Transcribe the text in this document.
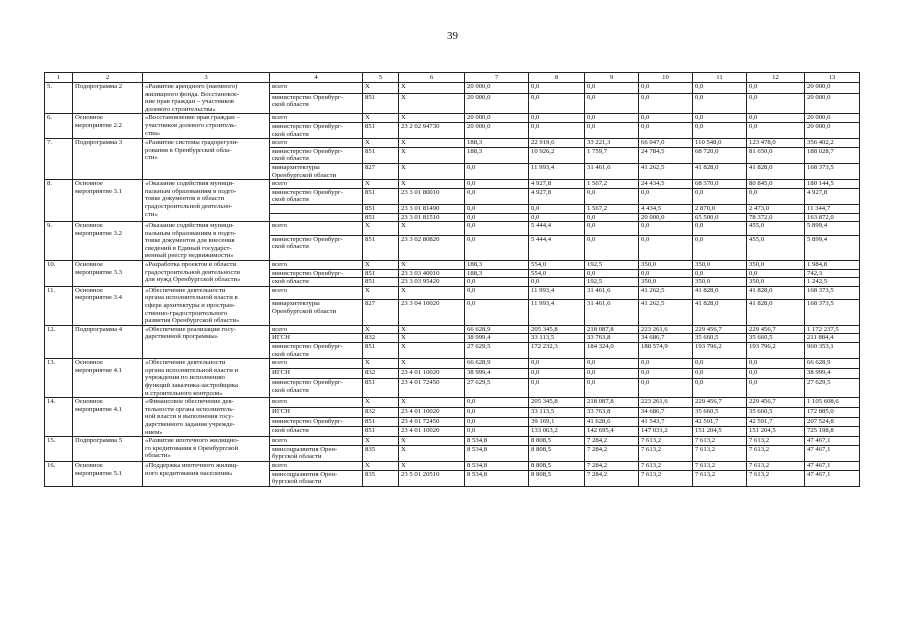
39
1	2	3	4	5	6	7	8	9	10	11	12	13
5.	Подпрограмма 2	«Развитие арендного (наемного)
жилищного фонда. Восстановле-
ние прав граждан – участников
долевого строительства»	всего	X	X	20 000,0	0,0	0,0	0,0	0,0	0,0	20 000,0
			министерство Оренбург-
ской области	851	X	20 000,0	0,0	0,0	0,0	0,0	0,0	20 000,0
6.	Основное
мероприятие 2.2	«Восстановление прав граждан –
участников долевого строитель-
ства»	всего	X	X	20 000,0	0,0	0,0	0,0	0,0	0,0	20 000,0
			министерство Оренбург-
ской области	851	23 2 02 94730	20 000,0	0,0	0,0	0,0	0,0	0,0	20 000,0
7.	Подпрограмма 3	«Развитие системы градорегули-
рования в Оренбургской обла-
сти»	всего	X	X	188,3	22 919,6	33 221,3	66 047,0	110 548,0	123 478,0	356 402,2
			министерство Оренбург-
ской области	851	X	188,3	10 926,2	1 759,7	24 784,5	68 720,0	81 650,0	188 028,7
			минархитектуры
Оренбургской области	827	X	0,0	11 993,4	31 461,6	41 262,5	41 828,0	41 828,0	168 373,5
8.	Основное
мероприятие 3.1	«Оказание содействия муници-
пальным образованиям в подго-
товке документов в области
градостроительной деятельно-
сти»	всего	X	X	0,0	4 927,8	1 567,2	24 434,5	68 370,0	80 845,0	180 144,5
			министерство Оренбург-
ской области	851	23 3 01 80010	0,0	4 927,8	0,0	0,0	0,0	0,0	4 927,8
				851	23 3 01 81490	0,0	0,0	1 567,2	4 434,5	2 870,0	2 473,0	11 344,7
				851	23 3 01 81510	0,0	0,0	0,0	20 000,0	65 500,0	78 372,0	163 872,0
9.	Основное
мероприятие 3.2	«Оказание содействия муници-
пальным образованиям в подго-
товке документов для внесения
сведений в Единый государст-
венный реестр недвижимости»	всего	X	X	0,0	5 444,4	0,0	0,0	0,0	455,0	5 899,4
			министерство Оренбург-
ской области	851	23 3 02 80820	0,0	5 444,4	0,0	0,0	0,0	455,0	5 899,4
10.	Основное
мероприятие 3.3	«Разработка проектов в области
градостроительной деятельности
для нужд Оренбургской области»	всего	X	X	188,3	554,0	192,5	350,0	350,0	350,0	1 984,8
			министерство Оренбург-	851	23 3 03 40010	188,3	554,0	0,0	0,0	0,0	0,0	742,3
			ской области	851	23 3 03 95420	0,0	0,0	192,5	350,0	350,0	350,0	1 242,5
11.	Основное
мероприятие 3.4	«Обеспечение деятельности
органа исполнительной власти в
сфере архитектуры и простран-
ственно-градостроительного
развития Оренбургской области»	всего	X	X	0,0	11 993,4	31 461,6	41 262,5	41 828,0	41 828,0	168 373,5
			минархитектуры
Оренбургской области	827	23 3 04 10020	0,0	11 993,4	31 461,6	41 262,5	41 828,0	41 828,0	168 373,5
12.	Подпрограмма 4	«Обеспечение реализации госу-
дарственной программы»	всего	X	X	66 628,9	205 345,8	218 087,8	223 261,6	229 456,7	229 456,7	1 172 237,5
			ИГСН	832	X	38 999,4	33 113,5	33 763,8	34 686,7	35 660,5	35 660,5	211 884,4
			министерство Оренбург-
ской области	851	X	27 629,5	172 232,3	184 324,0	188 574,9	193 796,2	193 796,2	960 353,1
13.	Основное
мероприятие 4.1	«Обеспечение деятельности
органа исполнительной власти и
учреждения по исполнению
функций заказчика-застройщика
и строительного контроля»	всего	X	X	66 628,9	0,0	0,0	0,0	0,0	0,0	66 628,9
			ИГСН	832	23 4 01 10020	38 999,4	0,0	0,0	0,0	0,0	0,0	38 999,4
			министерство Оренбург-
ской области	851	23 4 01 72450	27 629,5	0,0	0,0	0,0	0,0	0,0	27 629,5
14.	Основное
мероприятие 4.1	«Финансовое обеспечение дея-
тельности органа исполнитель-
ной власти и выполнения госу-
дарственного задания учрежде-
нием»	всего	X	X	0,0	205 345,8	218 087,8	223 261,6	229 456,7	229 456,7	1 105 608,6
			ИГСН	832	23 4 01 10020	0,0	33 113,5	33 763,8	34 686,7	35 660,5	35 660,5	172 885,0
			министерство Оренбург-	851	23 4 01 72450	0,0	39 169,1	41 628,6	41 543,7	42 591,7	42 591,7	207 524,8
			ской области	851	23 4 01 10020	0,0	133 063,2	142 695,4	147 031,2	151 204,5	151 204,5	725 198,8
15.	Подпрограмма 5	«Развитие ипотечного жилищно-
го кредитования в Оренбургской
области»	всего	X	X	8 534,8	8 808,5	7 284,2	7 613,2	7 613,2	7 613,2	47 467,1
			минсоцразвития Орен-
бургской области	835	X	8 534,8	8 808,5	7 284,2	7 613,2	7 613,2	7 613,2	47 467,1
16.	Основное
мероприятие 5.1	«Поддержка ипотечного жилищ-
ного кредитования населения»	всего	X	X	8 534,8	8 808,5	7 284,2	7 613,2	7 613,2	7 613,2	47 467,1
			минсоцразвития Орен-
бургской области	835	23 5 01 20510	8 534,8	8 808,5	7 284,2	7 613,2	7 613,2	7 613,2	47 467,1
